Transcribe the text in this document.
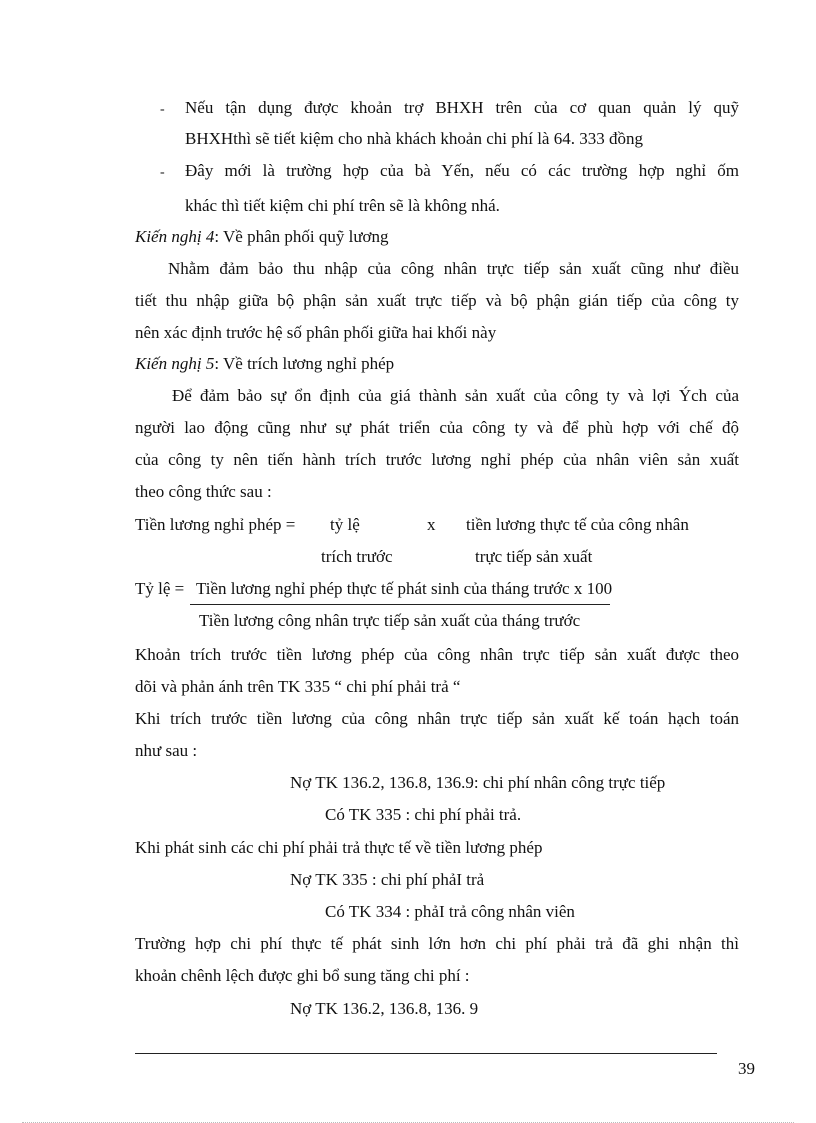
- Nếu tận dụng được khoản trợ BHXH trên của cơ quan quản lý quỹ
BHXHthì sẽ tiết kiệm cho nhà khách khoản chi phí là 64. 333 đồng
- Đây mới là trường hợp của bà Yến, nếu có các trường hợp nghỉ ốm
khác thì tiết kiệm chi phí trên sẽ là không nhá.
Kiến nghị 4: Về phân phối quỹ lương
Nhằm đảm bảo thu nhập của công nhân trực tiếp sản xuất cũng như điều
tiết thu nhập giữa bộ phận sản xuất trực tiếp và bộ phận gián tiếp của công ty
nên xác định trước hệ số phân phối giữa hai khối này
Kiến nghị 5: Về trích lương nghỉ phép
Để đảm bảo sự ổn định của giá thành sản xuất của công ty và lợi Ých của
người lao động cũng như sự phát triển của công ty và để phù hợp với chế độ
của công ty nên tiến hành trích trước lương nghỉ phép của nhân viên sản xuất
theo công thức sau :
Tiền lương nghỉ phép = tỷ lệ	x tiền lương thực tế của công nhân
trích trước	trực tiếp sản xuất
Tỷ lệ = Tiền lương nghỉ phép thực tế phát sinh của tháng trước x 100
Tiền lương công nhân trực tiếp sản xuất của tháng trước
Khoản trích trước tiền lương phép của công nhân trực tiếp sản xuất được theo
dõi và phản ánh trên TK 335 “ chi phí phải trả “
Khi trích trước tiền lương của công nhân trực tiếp sản xuất kế toán hạch toán
như sau :
Nợ TK 136.2, 136.8, 136.9: chi phí nhân công trực tiếp
Có TK 335 : chi phí phải trả.
Khi phát sinh các chi phí phải trả thực tế về tiền lương phép
Nợ TK 335 : chi phí phảI trả
Có TK 334 : phảI trả công nhân viên
Trường hợp chi phí thực tế phát sinh lớn hơn chi phí phải trả đã ghi nhận thì
khoản chênh lệch được ghi bổ sung tăng chi phí :
Nợ TK 136.2, 136.8, 136. 9
39
